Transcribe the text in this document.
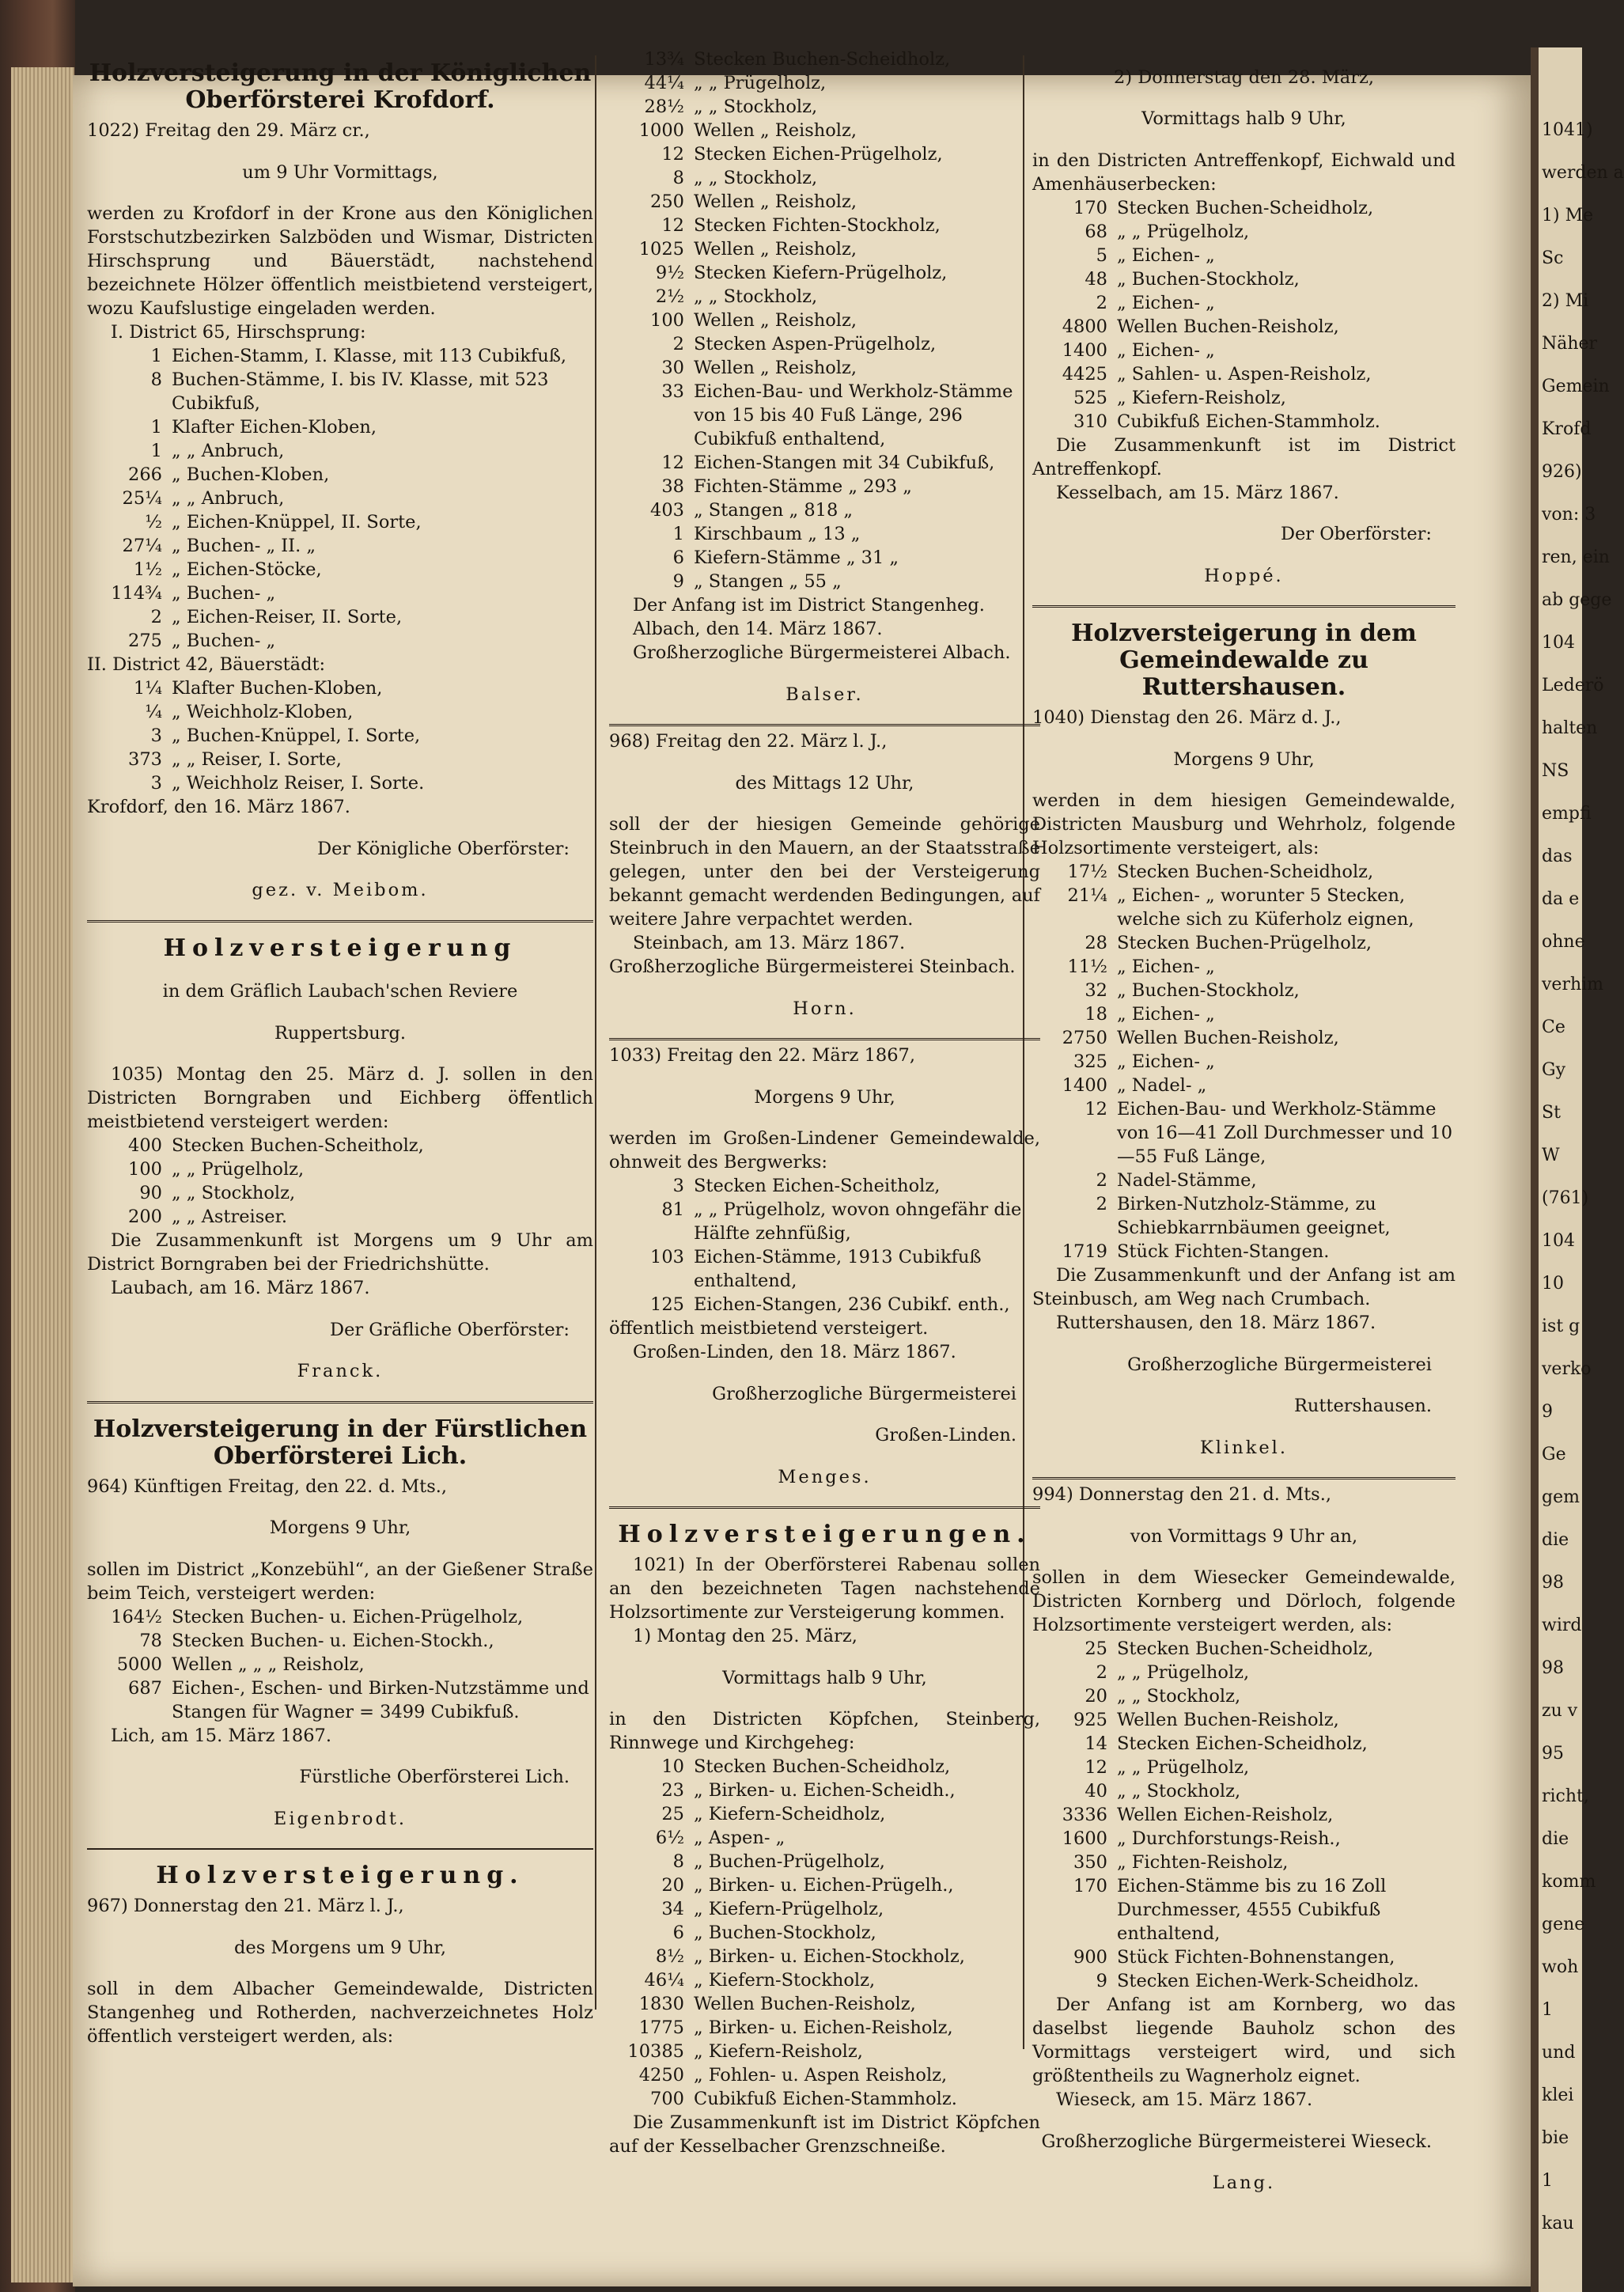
1041)
werden a
1) Me
Sc
2) Mi
Näher
Gemein
Krofd
926)
von: 3
ren, ein
ab gege
104
Lederö
halten
NS
empfi
das
da e
ohne
verhim
Ce
Gy
St
W
(761)
104
10
ist g
verko
9
Ge
gem
die
98
wird
98
zu v
95
richt,
die
komm
gene
woh
1
und
klei
bie
1
kau
Holzversteigerung in der Königlichen Oberförsterei Krofdorf.

1022) Freitag den 29. März cr.,

um 9 Uhr Vormittags,

werden zu Krofdorf in der Krone aus den Königlichen Forstschutzbezirken Salzböden und Wismar, Districten Hirschsprung und Bäuerstädt, nachstehend bezeichnete Hölzer öffentlich meistbietend versteigert, wozu Kaufslustige eingeladen werden.

I. District 65, Hirschsprung:

1 Eichen-Stamm, I. Klasse, mit 113 Cubikfuß,
8 Buchen-Stämme, I. bis IV. Klasse, mit 523 Cubikfuß,
1 Klafter Eichen-Kloben,
1 „ „ Anbruch,
266 „ Buchen-Kloben,
25¼ „ „ Anbruch,
½ „ Eichen-Knüppel, II. Sorte,
27¼ „ Buchen- „ II. „
1½ „ Eichen-Stöcke,
114¾ „ Buchen- „
2 „ Eichen-Reiser, II. Sorte,
275 „ Buchen- „

II. District 42, Bäuerstädt:

1¼ Klafter Buchen-Kloben,
¼ „ Weichholz-Kloben,
3 „ Buchen-Knüppel, I. Sorte,
373 „ „ Reiser, I. Sorte,
3 „ Weichholz Reiser, I. Sorte.

Krofdorf, den 16. März 1867.

Der Königliche Oberförster:

gez. v. Meibom.

Holzversteigerung

in dem Gräflich Laubach'schen Reviere

Ruppertsburg.

1035) Montag den 25. März d. J. sollen in den Districten Borngraben und Eichberg öffentlich meistbietend versteigert werden:

400 Stecken Buchen-Scheitholz,
100 „ „ Prügelholz,
90 „ „ Stockholz,
200 „ „ Astreiser.

Die Zusammenkunft ist Morgens um 9 Uhr am District Borngraben bei der Friedrichshütte.

Laubach, am 16. März 1867.

Der Gräfliche Oberförster:

Franck.

Holzversteigerung in der Fürstlichen Oberförsterei Lich.

964) Künftigen Freitag, den 22. d. Mts.,

Morgens 9 Uhr,

sollen im District „Konzebühl“, an der Gießener Straße beim Teich, versteigert werden:

164½ Stecken Buchen- u. Eichen-Prügelholz,
78 Stecken Buchen- u. Eichen-Stockh.,
5000 Wellen „ „ „ Reisholz,
687 Eichen-, Eschen- und Birken-Nutzstämme und Stangen für Wagner = 3499 Cubikfuß.

Lich, am 15. März 1867.

Fürstliche Oberförsterei Lich.

Eigenbrodt.

Holzversteigerung.

967) Donnerstag den 21. März l. J.,

des Morgens um 9 Uhr,

soll in dem Albacher Gemeindewalde, Districten Stangenheg und Rotherden, nachverzeichnetes Holz öffentlich versteigert werden, als:

13¾ Stecken Buchen-Scheidholz,
44¼ „ „ Prügelholz,
28½ „ „ Stockholz,
1000 Wellen „ Reisholz,
12 Stecken Eichen-Prügelholz,
8 „ „ Stockholz,
250 Wellen „ Reisholz,
12 Stecken Fichten-Stockholz,
1025 Wellen „ Reisholz,
9½ Stecken Kiefern-Prügelholz,
2½ „ „ Stockholz,
100 Wellen „ Reisholz,
2 Stecken Aspen-Prügelholz,
30 Wellen „ Reisholz,
33 Eichen-Bau- und Werkholz-Stämme von 15 bis 40 Fuß Länge, 296 Cubikfuß enthaltend,
12 Eichen-Stangen mit 34 Cubikfuß,
38 Fichten-Stämme „ 293 „
403 „ Stangen „ 818 „
1 Kirschbaum „ 13 „
6 Kiefern-Stämme „ 31 „
9 „ Stangen „ 55 „

Der Anfang ist im District Stangenheg.

Albach, den 14. März 1867.

Großherzogliche Bürgermeisterei Albach.

Balser.

968) Freitag den 22. März l. J.,

des Mittags 12 Uhr,

soll der der hiesigen Gemeinde gehörige Steinbruch in den Mauern, an der Staatsstraße gelegen, unter den bei der Versteigerung bekannt gemacht werdenden Bedingungen, auf weitere Jahre verpachtet werden.

Steinbach, am 13. März 1867.

Großherzogliche Bürgermeisterei Steinbach.

Horn.

1033) Freitag den 22. März 1867,

Morgens 9 Uhr,

werden im Großen-Lindener Gemeindewalde, ohnweit des Bergwerks:

3 Stecken Eichen-Scheitholz,
81 „ „ Prügelholz, wovon ohngefähr die Hälfte zehnfüßig,
103 Eichen-Stämme, 1913 Cubikfuß enthaltend,
125 Eichen-Stangen, 236 Cubikf. enth.,

öffentlich meistbietend versteigert.

Großen-Linden, den 18. März 1867.

Großherzogliche Bürgermeisterei

Großen-Linden.

Menges.

Holzversteigerungen.

1021) In der Oberförsterei Rabenau sollen an den bezeichneten Tagen nachstehende Holzsortimente zur Versteigerung kommen.

1) Montag den 25. März,

Vormittags halb 9 Uhr,

in den Districten Köpfchen, Steinberg, Rinnwege und Kirchgeheg:

10 Stecken Buchen-Scheidholz,
23 „ Birken- u. Eichen-Scheidh.,
25 „ Kiefern-Scheidholz,
6½ „ Aspen- „
8 „ Buchen-Prügelholz,
20 „ Birken- u. Eichen-Prügelh.,
34 „ Kiefern-Prügelholz,
6 „ Buchen-Stockholz,
8½ „ Birken- u. Eichen-Stockholz,
46¼ „ Kiefern-Stockholz,
1830 Wellen Buchen-Reisholz,
1775 „ Birken- u. Eichen-Reisholz,
10385 „ Kiefern-Reisholz,
4250 „ Fohlen- u. Aspen Reisholz,
700 Cubikfuß Eichen-Stammholz.

Die Zusammenkunft ist im District Köpfchen auf der Kesselbacher Grenzschneiße.

2) Donnerstag den 28. März,

Vormittags halb 9 Uhr,

in den Districten Antreffenkopf, Eichwald und Amenhäuserbecken:

170 Stecken Buchen-Scheidholz,
68 „ „ Prügelholz,
5 „ Eichen- „
48 „ Buchen-Stockholz,
2 „ Eichen- „
4800 Wellen Buchen-Reisholz,
1400 „ Eichen- „
4425 „ Sahlen- u. Aspen-Reisholz,
525 „ Kiefern-Reisholz,
310 Cubikfuß Eichen-Stammholz.

Die Zusammenkunft ist im District Antreffenkopf.

Kesselbach, am 15. März 1867.

Der Oberförster:

Hoppé.

Holzversteigerung in dem Gemeindewalde zu Ruttershausen.

1040) Dienstag den 26. März d. J.,

Morgens 9 Uhr,

werden in dem hiesigen Gemeindewalde, Districten Mausburg und Wehrholz, folgende Holzsortimente versteigert, als:

17½ Stecken Buchen-Scheidholz,
21¼ „ Eichen- „ worunter 5 Stecken, welche sich zu Küferholz eignen,
28 Stecken Buchen-Prügelholz,
11½ „ Eichen- „
32 „ Buchen-Stockholz,
18 „ Eichen- „
2750 Wellen Buchen-Reisholz,
325 „ Eichen- „
1400 „ Nadel- „
12 Eichen-Bau- und Werkholz-Stämme von 16—41 Zoll Durchmesser und 10—55 Fuß Länge,
2 Nadel-Stämme,
2 Birken-Nutzholz-Stämme, zu Schiebkarrnbäumen geeignet,
1719 Stück Fichten-Stangen.

Die Zusammenkunft und der Anfang ist am Steinbusch, am Weg nach Crumbach.

Ruttershausen, den 18. März 1867.

Großherzogliche Bürgermeisterei

Ruttershausen.

Klinkel.

994) Donnerstag den 21. d. Mts.,

von Vormittags 9 Uhr an,

sollen in dem Wiesecker Gemeindewalde, Districten Kornberg und Dörloch, folgende Holzsortimente versteigert werden, als:

25 Stecken Buchen-Scheidholz,
2 „ „ Prügelholz,
20 „ „ Stockholz,
925 Wellen Buchen-Reisholz,
14 Stecken Eichen-Scheidholz,
12 „ „ Prügelholz,
40 „ „ Stockholz,
3336 Wellen Eichen-Reisholz,
1600 „ Durchforstungs-Reish.,
350 „ Fichten-Reisholz,
170 Eichen-Stämme bis zu 16 Zoll Durchmesser, 4555 Cubikfuß enthaltend,
900 Stück Fichten-Bohnenstangen,
9 Stecken Eichen-Werk-Scheidholz.

Der Anfang ist am Kornberg, wo das daselbst liegende Bauholz schon des Vormittags versteigert wird, und sich größtentheils zu Wagnerholz eignet.

Wieseck, am 15. März 1867.

Großherzogliche Bürgermeisterei Wieseck.

Lang.
